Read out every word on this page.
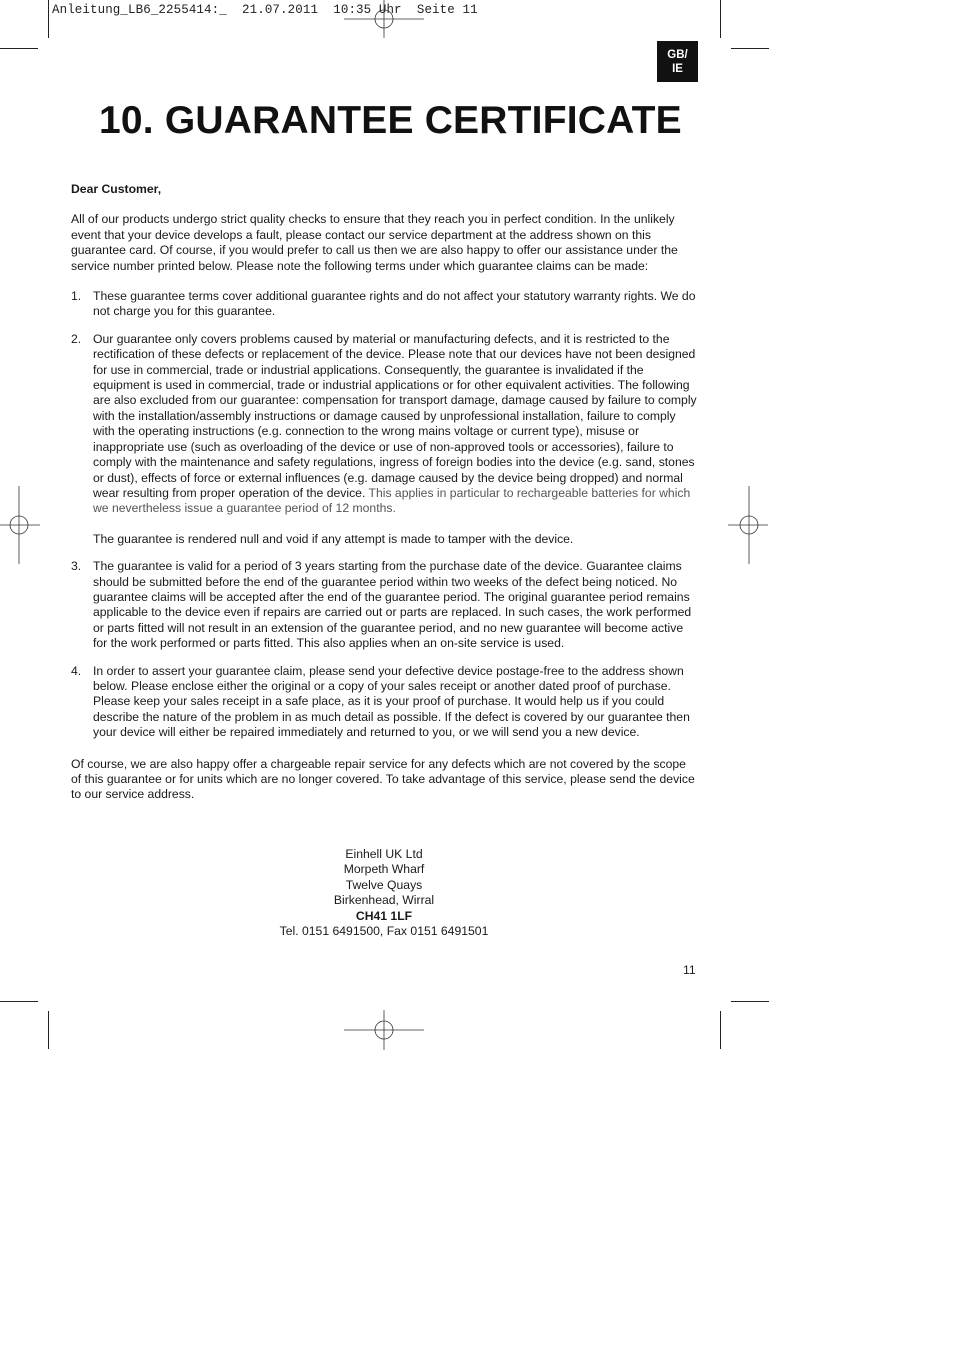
Anleitung_LB6_2255414:_  21.07.2011  10:35 Uhr  Seite 11
GB/
IE
10. GUARANTEE CERTIFICATE

Dear Customer,

All of our products undergo strict quality checks to ensure that they reach you in perfect condition. In the unlikely event that your device develops a fault, please contact our service department at the address shown on this guarantee card. Of course, if you would prefer to call us then we are also happy to offer our assistance under the service number printed below. Please note the following terms under which guarantee claims can be made:

1. These guarantee terms cover additional guarantee rights and do not affect your statutory warranty rights. We do not charge you for this guarantee.

2. Our guarantee only covers problems caused by material or manufacturing defects, and it is restricted to the rectification of these defects or replacement of the device. Please note that our devices have not been designed for use in commercial, trade or industrial applications. Consequently, the guarantee is invalidated if the equipment is used in commercial, trade or industrial applications or for other equivalent activities. The following are also excluded from our guarantee: compensation for transport damage, damage caused by failure to comply with the installation/assembly instructions or damage caused by unprofessional installation, failure to comply with the operating instructions (e.g. connection to the wrong mains voltage or current type), misuse or inappropriate use (such as overloading of the device or use of non-approved tools or accessories), failure to comply with the maintenance and safety regulations, ingress of foreign bodies into the device (e.g. sand, stones or dust), effects of force or external influences (e.g. damage caused by the device being dropped) and normal wear resulting from proper operation of the device. This applies in particular to rechargeable batteries for which we nevertheless issue a guarantee period of 12 months.

The guarantee is rendered null and void if any attempt is made to tamper with the device.

3. The guarantee is valid for a period of 3 years starting from the purchase date of the device. Guarantee claims should be submitted before the end of the guarantee period within two weeks of the defect being noticed. No guarantee claims will be accepted after the end of the guarantee period. The original guarantee period remains applicable to the device even if repairs are carried out or parts are replaced. In such cases, the work performed or parts fitted will not result in an extension of the guarantee period, and no new guarantee will become active for the work performed or parts fitted. This also applies when an on-site service is used.

4. In order to assert your guarantee claim, please send your defective device postage-free to the address shown below. Please enclose either the original or a copy of your sales receipt or another dated proof of purchase. Please keep your sales receipt in a safe place, as it is your proof of purchase. It would help us if you could describe the nature of the problem in as much detail as possible. If the defect is covered by our guarantee then your device will either be repaired immediately and returned to you, or we will send you a new device.

Of course, we are also happy offer a chargeable repair service for any defects which are not covered by the scope of this guarantee or for units which are no longer covered. To take advantage of this service, please send the device to our service address.

Einhell UK Ltd
Morpeth Wharf
Twelve Quays
Birkenhead, Wirral
CH41 1LF
Tel. 0151 6491500, Fax 0151 6491501
11
